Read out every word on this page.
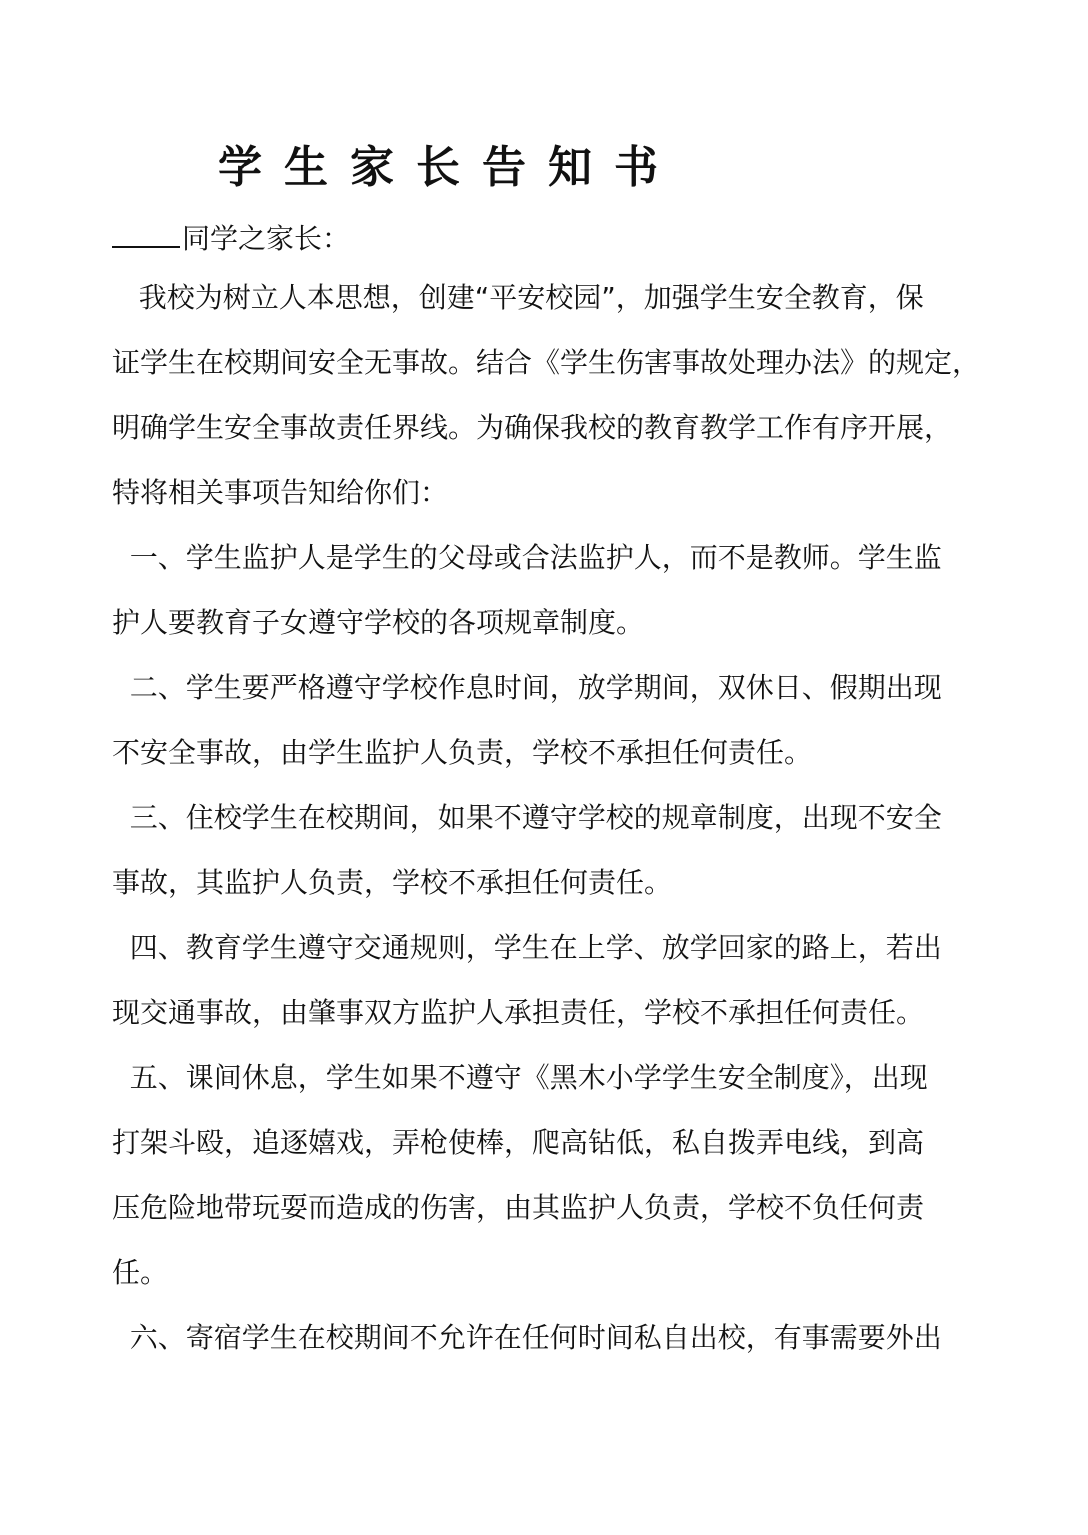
学生家长告知书
同学之家长：
我校为树立人本思想，创建“平安校园”，加强学生安全教育，保
证学生在校期间安全无事故。结合《学生伤害事故处理办法》的规定，
明确学生安全事故责任界线。为确保我校的教育教学工作有序开展，
特将相关事项告知给你们：
一、学生监护人是学生的父母或合法监护人，而不是教师。学生监
护人要教育子女遵守学校的各项规章制度。
二、学生要严格遵守学校作息时间，放学期间，双休日、假期出现
不安全事故，由学生监护人负责，学校不承担任何责任。
三、住校学生在校期间，如果不遵守学校的规章制度，出现不安全
事故，其监护人负责，学校不承担任何责任。
四、教育学生遵守交通规则，学生在上学、放学回家的路上，若出
现交通事故，由肇事双方监护人承担责任，学校不承担任何责任。
五、课间休息，学生如果不遵守《黑木小学学生安全制度》，出现
打架斗殴，追逐嬉戏，弄枪使棒，爬高钻低，私自拨弄电线，到高
压危险地带玩耍而造成的伤害，由其监护人负责，学校不负任何责
任。
六、寄宿学生在校期间不允许在任何时间私自出校，有事需要外出
